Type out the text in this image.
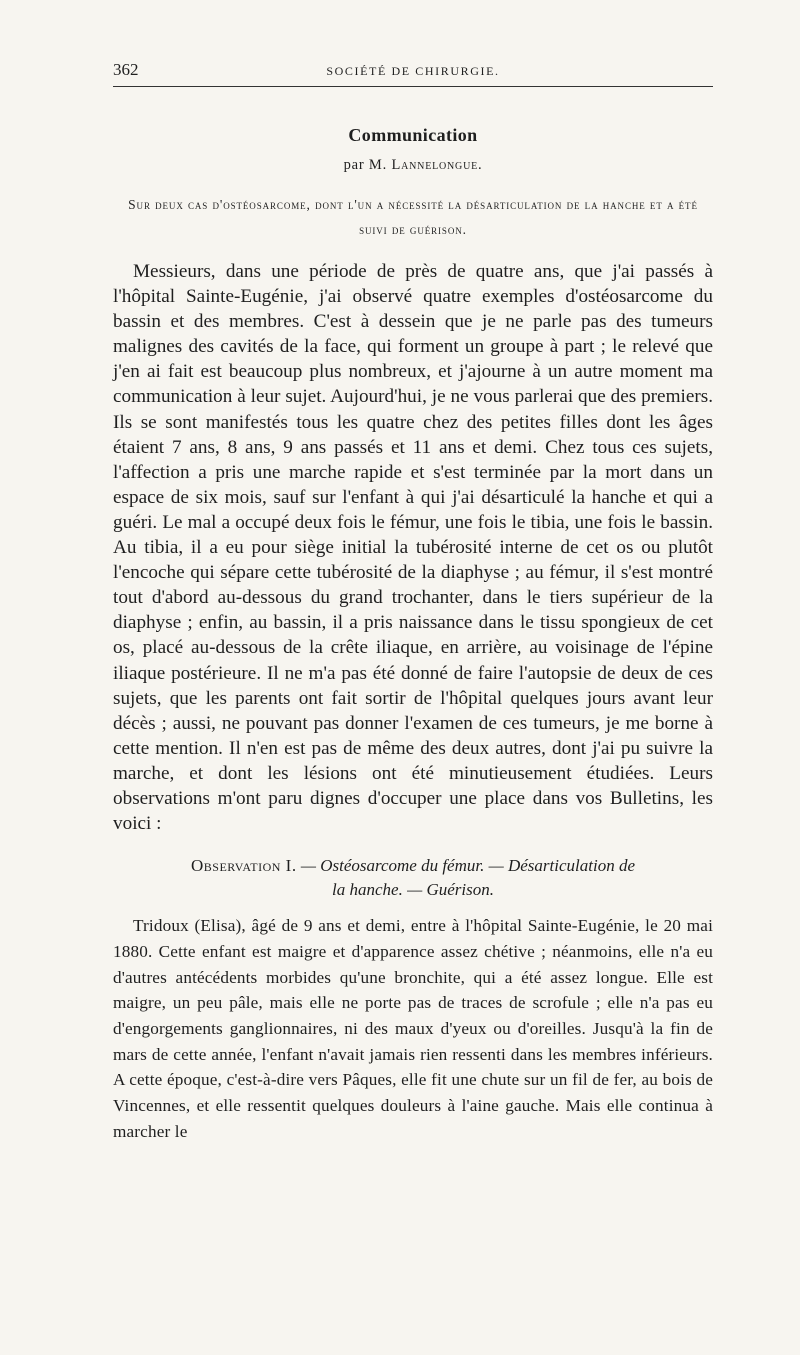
362	SOCIÉTÉ DE CHIRURGIE.
Communication
par M. Lannelongue.
Sur deux cas d'ostéosarcome, dont l'un a nécessité la désarticulation de la hanche et a été suivi de guérison.

Messieurs, dans une période de près de quatre ans, que j'ai passés à l'hôpital Sainte-Eugénie, j'ai observé quatre exemples d'ostéosarcome du bassin et des membres. C'est à dessein que je ne parle pas des tumeurs malignes des cavités de la face, qui forment un groupe à part ; le relevé que j'en ai fait est beaucoup plus nombreux, et j'ajourne à un autre moment ma communication à leur sujet. Aujourd'hui, je ne vous parlerai que des premiers. Ils se sont manifestés tous les quatre chez des petites filles dont les âges étaient 7 ans, 8 ans, 9 ans passés et 11 ans et demi. Chez tous ces sujets, l'affection a pris une marche rapide et s'est terminée par la mort dans un espace de six mois, sauf sur l'enfant à qui j'ai désarticulé la hanche et qui a guéri. Le mal a occupé deux fois le fémur, une fois le tibia, une fois le bassin. Au tibia, il a eu pour siège initial la tubérosité interne de cet os ou plutôt l'encoche qui sépare cette tubérosité de la diaphyse ; au fémur, il s'est montré tout d'abord au-dessous du grand trochanter, dans le tiers supérieur de la diaphyse ; enfin, au bassin, il a pris naissance dans le tissu spongieux de cet os, placé au-dessous de la crête iliaque, en arrière, au voisinage de l'épine iliaque postérieure. Il ne m'a pas été donné de faire l'autopsie de deux de ces sujets, que les parents ont fait sortir de l'hôpital quelques jours avant leur décès ; aussi, ne pouvant pas donner l'examen de ces tumeurs, je me borne à cette mention. Il n'en est pas de même des deux autres, dont j'ai pu suivre la marche, et dont les lésions ont été minutieusement étudiées. Leurs observations m'ont paru dignes d'occuper une place dans vos Bulletins, les voici :

Observation I. — Ostéosarcome du fémur. — Désarticulation de
la hanche. — Guérison.

Tridoux (Elisa), âgé de 9 ans et demi, entre à l'hôpital Sainte-Eugénie, le 20 mai 1880. Cette enfant est maigre et d'apparence assez chétive ; néanmoins, elle n'a eu d'autres antécédents morbides qu'une bronchite, qui a été assez longue. Elle est maigre, un peu pâle, mais elle ne porte pas de traces de scrofule ; elle n'a pas eu d'engorgements ganglionnaires, ni des maux d'yeux ou d'oreilles. Jusqu'à la fin de mars de cette année, l'enfant n'avait jamais rien ressenti dans les membres inférieurs. A cette époque, c'est-à-dire vers Pâques, elle fit une chute sur un fil de fer, au bois de Vincennes, et elle ressentit quelques douleurs à l'aine gauche. Mais elle continua à marcher le
